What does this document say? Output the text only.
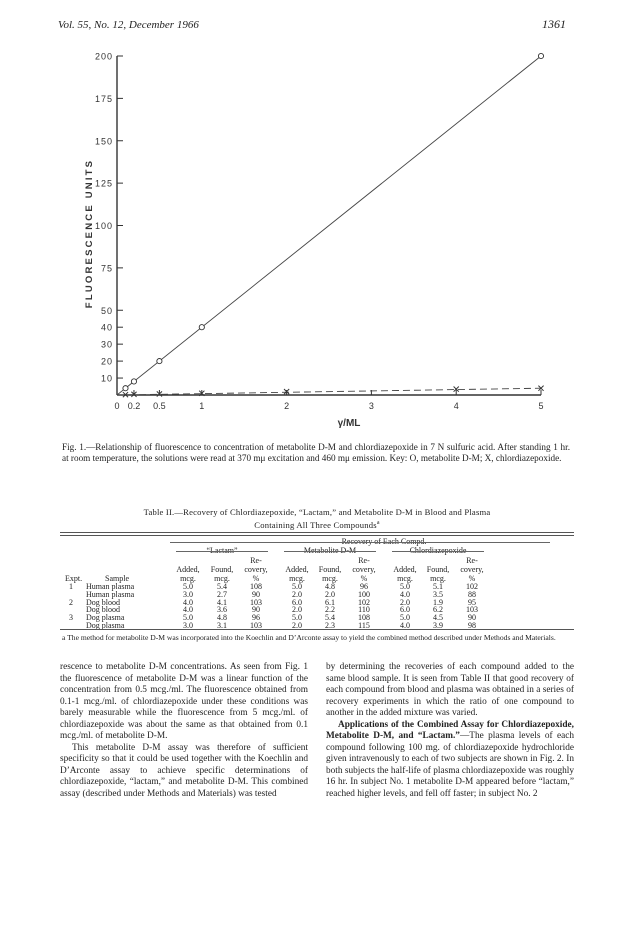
Vol. 55, No. 12, December 1966	1361
10
20
30
40
50
75
100
125
150
175
200
0 0.2 0.5	1	2	3	4	5
γ/ML
FLUORESCENCE UNITS
Fig. 1.—Relationship of fluorescence to concentration of metabolite D-M and chlordiazepoxide in 7 N sulfuric acid. After standing 1 hr. at room temperature, the solutions were read at 370 mμ excitation and 460 mμ emission. Key: O, metabolite D-M; X, chlordiazepoxide.
Table II.—Recovery of Chlordiazepoxide, “Lactam,” and Metabolite D-M in Blood and Plasma
Containing All Three Compounds$^a$
Recovery of Each Compd.
“Lactam”	Metabolite D-M	Chlordiazepoxide
Expt.	Sample
Added,
mcg.
Found,
mcg.
Re-
covery,
%
Added,
mcg.
Found,
mcg.
Re-
covery,
%
Added,
mcg.
Found,
mcg.
Re-
covery,
%
1 Human plasma	5.0	5.4	108	5.0	4.8	96	5.0	5.1	102
Human plasma	3.0	2.7	90	2.0	2.0	100	4.0	3.5	88
2 Dog blood	4.0	4.1	103	6.0	6.1	102	2.0	1.9	95
Dog blood	4.0	3.6	90	2.0	2.2	110	6.0	6.2	103
3 Dog plasma	5.0	4.8	96	5.0	5.4	108	5.0	4.5	90
Dog plasma	3.0	3.1	103	2.0	2.3	115	4.0	3.9	98
a The method for metabolite D-M was incorporated into the Koechlin and D’Arconte assay to yield the combined method described under Methods and Materials.

rescence to metabolite D-M concentrations. As seen from Fig. 1 the fluorescence of metabolite D-M was a linear function of the concentration from 0.5 mcg./ml. The fluorescence obtained from 0.1-1 mcg./ml. of chlordiazepoxide under these conditions was barely measurable while the fluorescence from 5 mcg./ml. of chlordiazepoxide was about the same as that obtained from 0.1 mcg./ml. of metabolite D-M.

This metabolite D-M assay was therefore of sufficient specificity so that it could be used together with the Koechlin and D’Arconte assay to achieve specific determinations of chlordiazepoxide, “lactam,” and metabolite D-M. This combined assay (described under Methods and Materials) was tested

by determining the recoveries of each compound added to the same blood sample. It is seen from Table II that good recovery of each compound from blood and plasma was obtained in a series of recovery experiments in which the ratio of one compound to another in the added mixture was varied.

Applications of the Combined Assay for Chlordiazepoxide, Metabolite D-M, and “Lactam.”—The plasma levels of each compound following 100 mg. of chlordiazepoxide hydrochloride given intravenously to each of two subjects are shown in Fig. 2. In both subjects the half-life of plasma chlordiazepoxide was roughly 16 hr. In subject No. 1 metabolite D-M appeared before “lactam,” reached higher levels, and fell off faster; in subject No. 2
